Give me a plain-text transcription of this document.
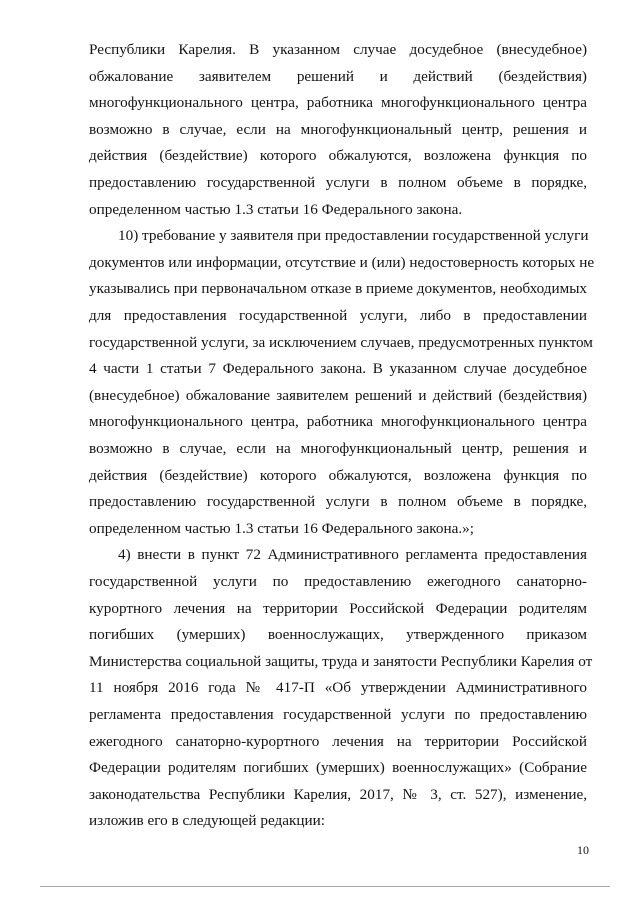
Республики Карелия. В указанном случае досудебное (внесудебное)
обжалование заявителем решений и действий (бездействия)
многофункционального центра, работника многофункционального центра
возможно в случае, если на многофункциональный центр, решения и
действия (бездействие) которого обжалуются, возложена функция по
предоставлению государственной услуги в полном объеме в порядке,
определенном частью 1.3 статьи 16 Федерального закона.
10) требование у заявителя при предоставлении государственной услуги
документов или информации, отсутствие и (или) недостоверность которых не
указывались при первоначальном отказе в приеме документов, необходимых
для предоставления государственной услуги, либо в предоставлении
государственной услуги, за исключением случаев, предусмотренных пунктом
4 части 1 статьи 7 Федерального закона. В указанном случае досудебное
(внесудебное) обжалование заявителем решений и действий (бездействия)
многофункционального центра, работника многофункционального центра
возможно в случае, если на многофункциональный центр, решения и
действия (бездействие) которого обжалуются, возложена функция по
предоставлению государственной услуги в полном объеме в порядке,
определенном частью 1.3 статьи 16 Федерального закона.»;
4) внести в пункт 72 Административного регламента предоставления
государственной услуги по предоставлению ежегодного санаторно-
курортного лечения на территории Российской Федерации родителям
погибших (умерших) военнослужащих, утвержденного приказом
Министерства социальной защиты, труда и занятости Республики Карелия от
11 ноября 2016 года № 417-П «Об утверждении Административного
регламента предоставления государственной услуги по предоставлению
ежегодного санаторно-курортного лечения на территории Российской
Федерации родителям погибших (умерших) военнослужащих» (Собрание
законодательства Республики Карелия, 2017, № 3, ст. 527), изменение,
изложив его в следующей редакции:
10
